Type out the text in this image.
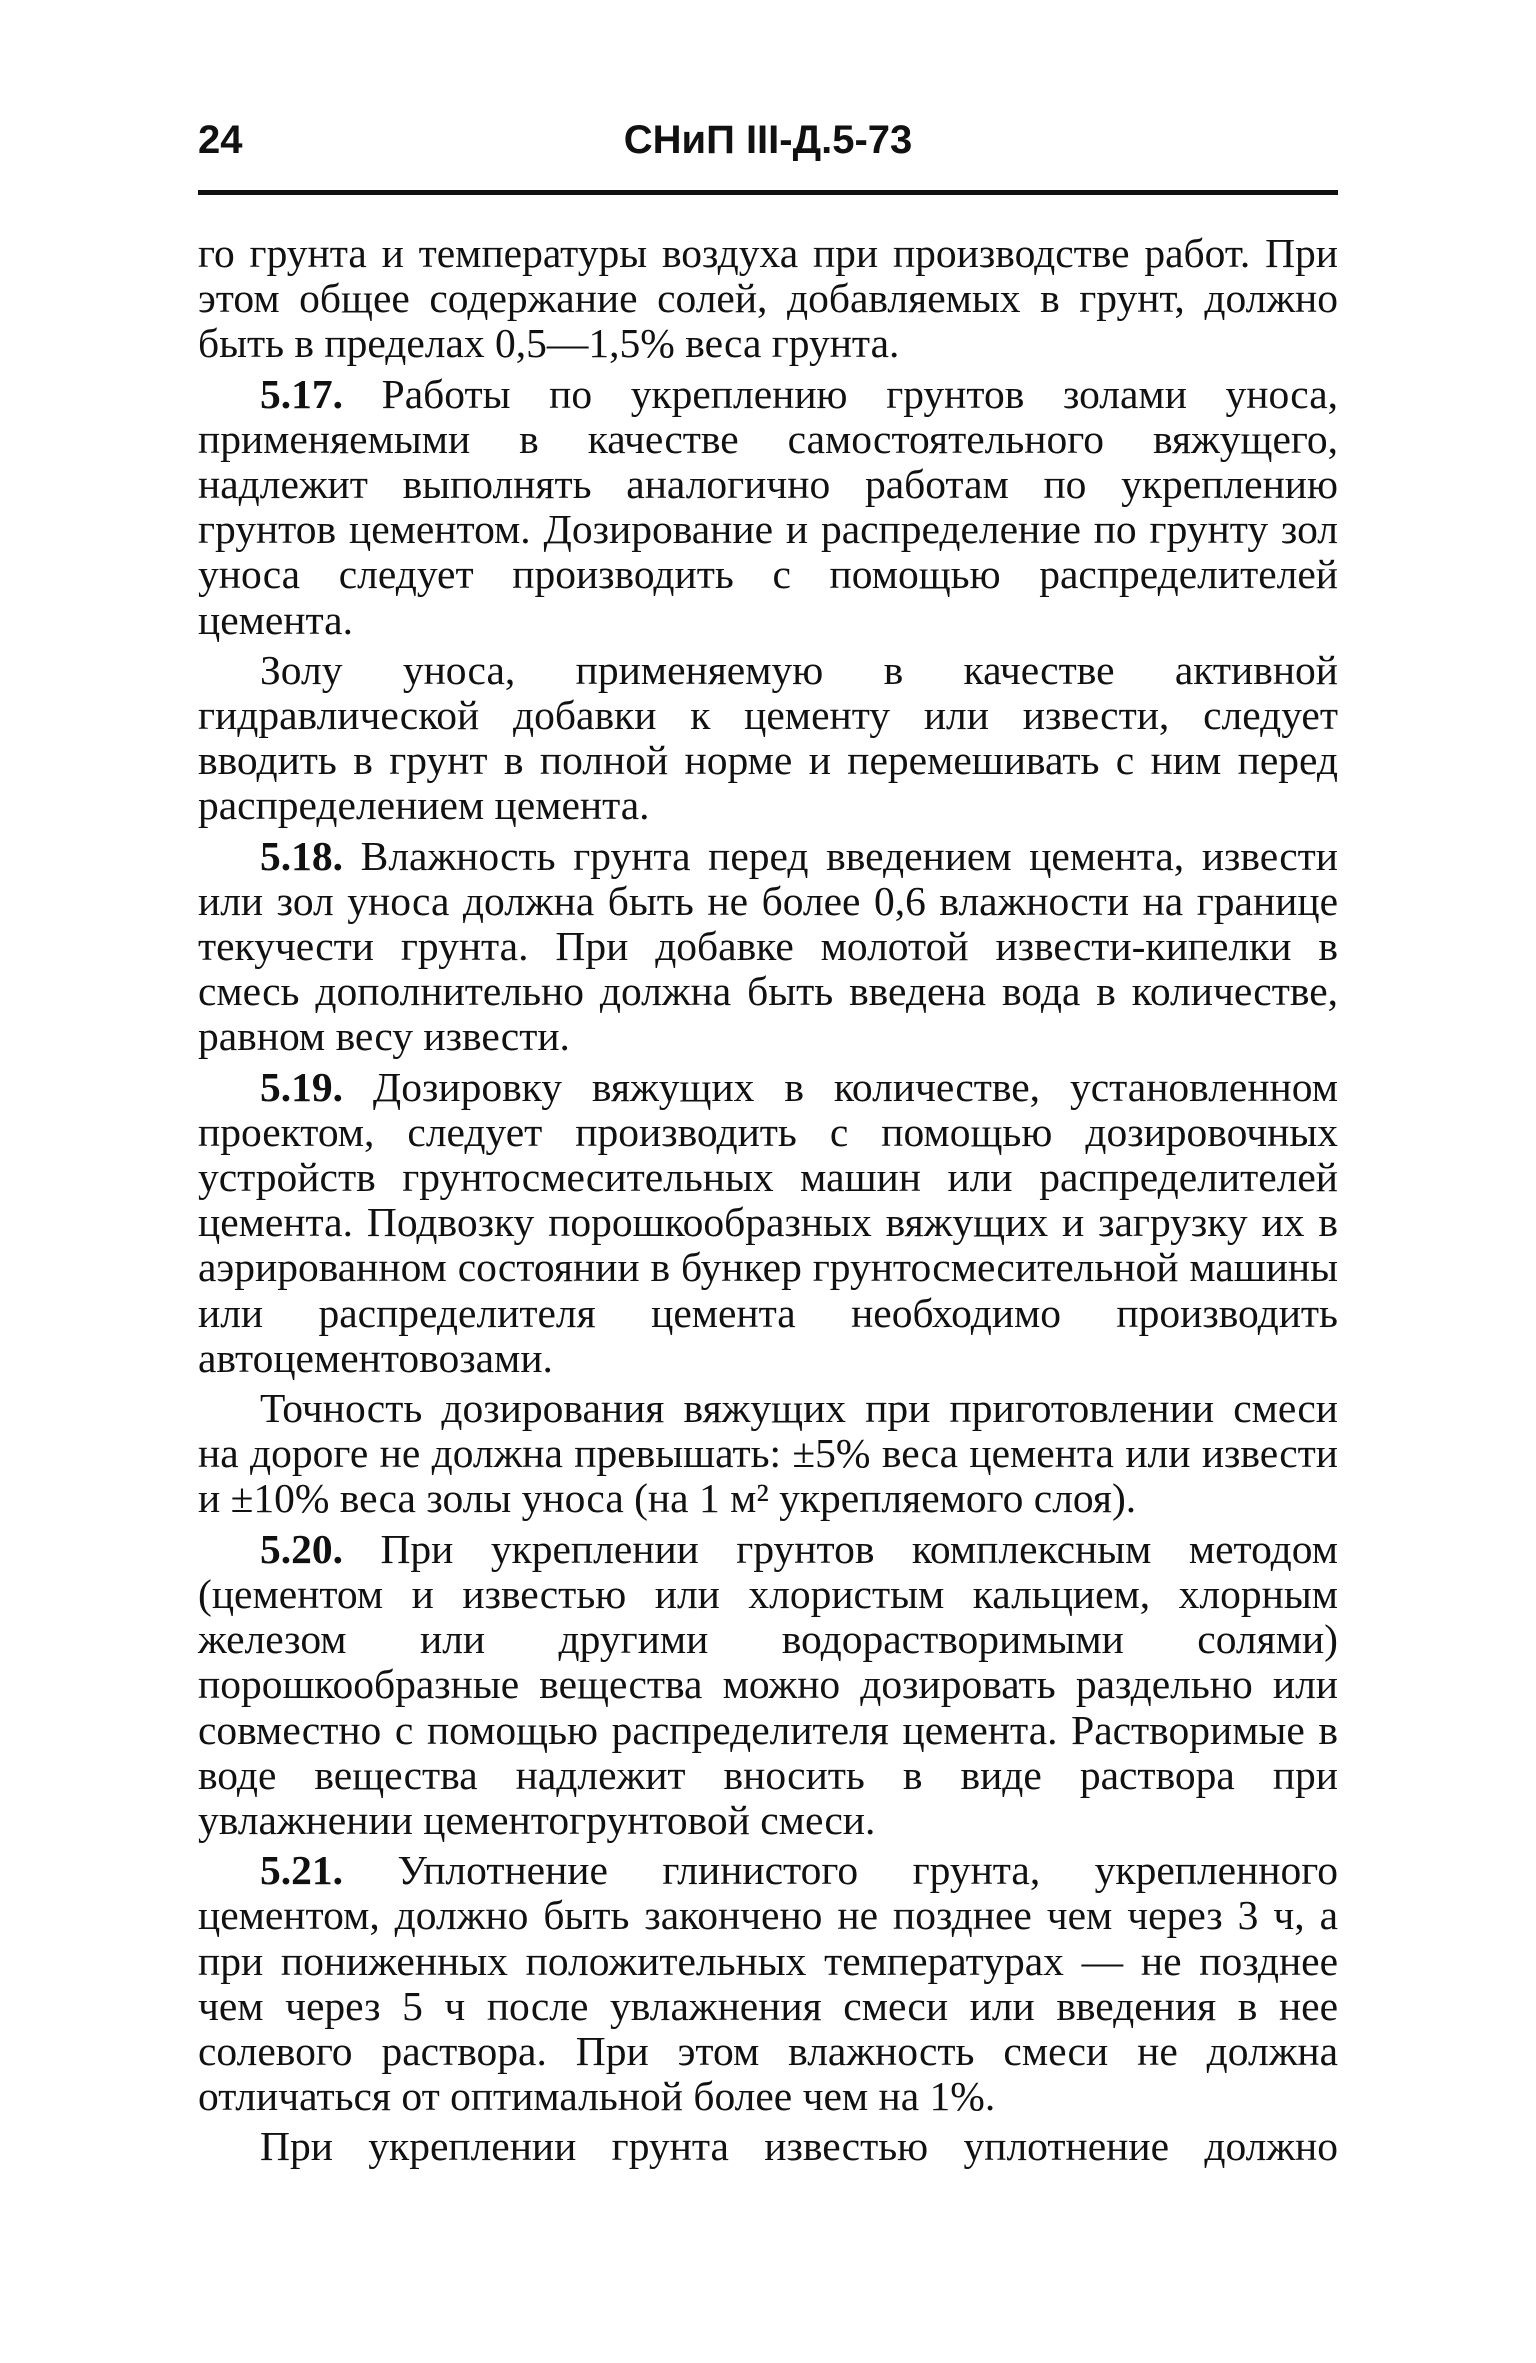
24	СНиП III-Д.5-73

го грунта и температуры воздуха при производстве работ. При этом общее содержание солей, добавляемых в грунт, должно быть в пределах 0,5—1,5% веса грунта.

5.17. Работы по укреплению грунтов золами уноса, применяемыми в качестве самостоятельного вяжущего, надлежит выполнять аналогично работам по укреплению грунтов цементом. Дозирование и распределение по грунту зол уноса следует производить с помощью распределителей цемента.

Золу уноса, применяемую в качестве активной гидравлической добавки к цементу или извести, следует вводить в грунт в полной норме и перемешивать с ним перед распределением цемента.

5.18. Влажность грунта перед введением цемента, извести или зол уноса должна быть не более 0,6 влажности на границе текучести грунта. При добавке молотой извести-кипелки в смесь дополнительно должна быть введена вода в количестве, равном весу извести.

5.19. Дозировку вяжущих в количестве, установленном проектом, следует производить с помощью дозировочных устройств грунтосмесительных машин или распределителей цемента. Подвозку порошкообразных вяжущих и загрузку их в аэрированном состоянии в бункер грунтосмесительной машины или распределителя цемента необходимо производить автоцементовозами.

Точность дозирования вяжущих при приготовлении смеси на дороге не должна превышать: ±5% веса цемента или извести и ±10% веса золы уноса (на 1 м² укрепляемого слоя).

5.20. При укреплении грунтов комплексным методом (цементом и известью или хлористым кальцием, хлорным железом или другими водорастворимыми солями) порошкообразные вещества можно дозировать раздельно или совместно с помощью распределителя цемента. Растворимые в воде вещества надлежит вносить в виде раствора при увлажнении цементогрунтовой смеси.

5.21. Уплотнение глинистого грунта, укрепленного цементом, должно быть закончено не позднее чем через 3 ч, а при пониженных положительных температурах — не позднее чем через 5 ч после увлажнения смеси или введения в нее солевого раствора. При этом влажность смеси не должна отличаться от оптимальной более чем на 1%.

При укреплении грунта известью уплотнение должно
